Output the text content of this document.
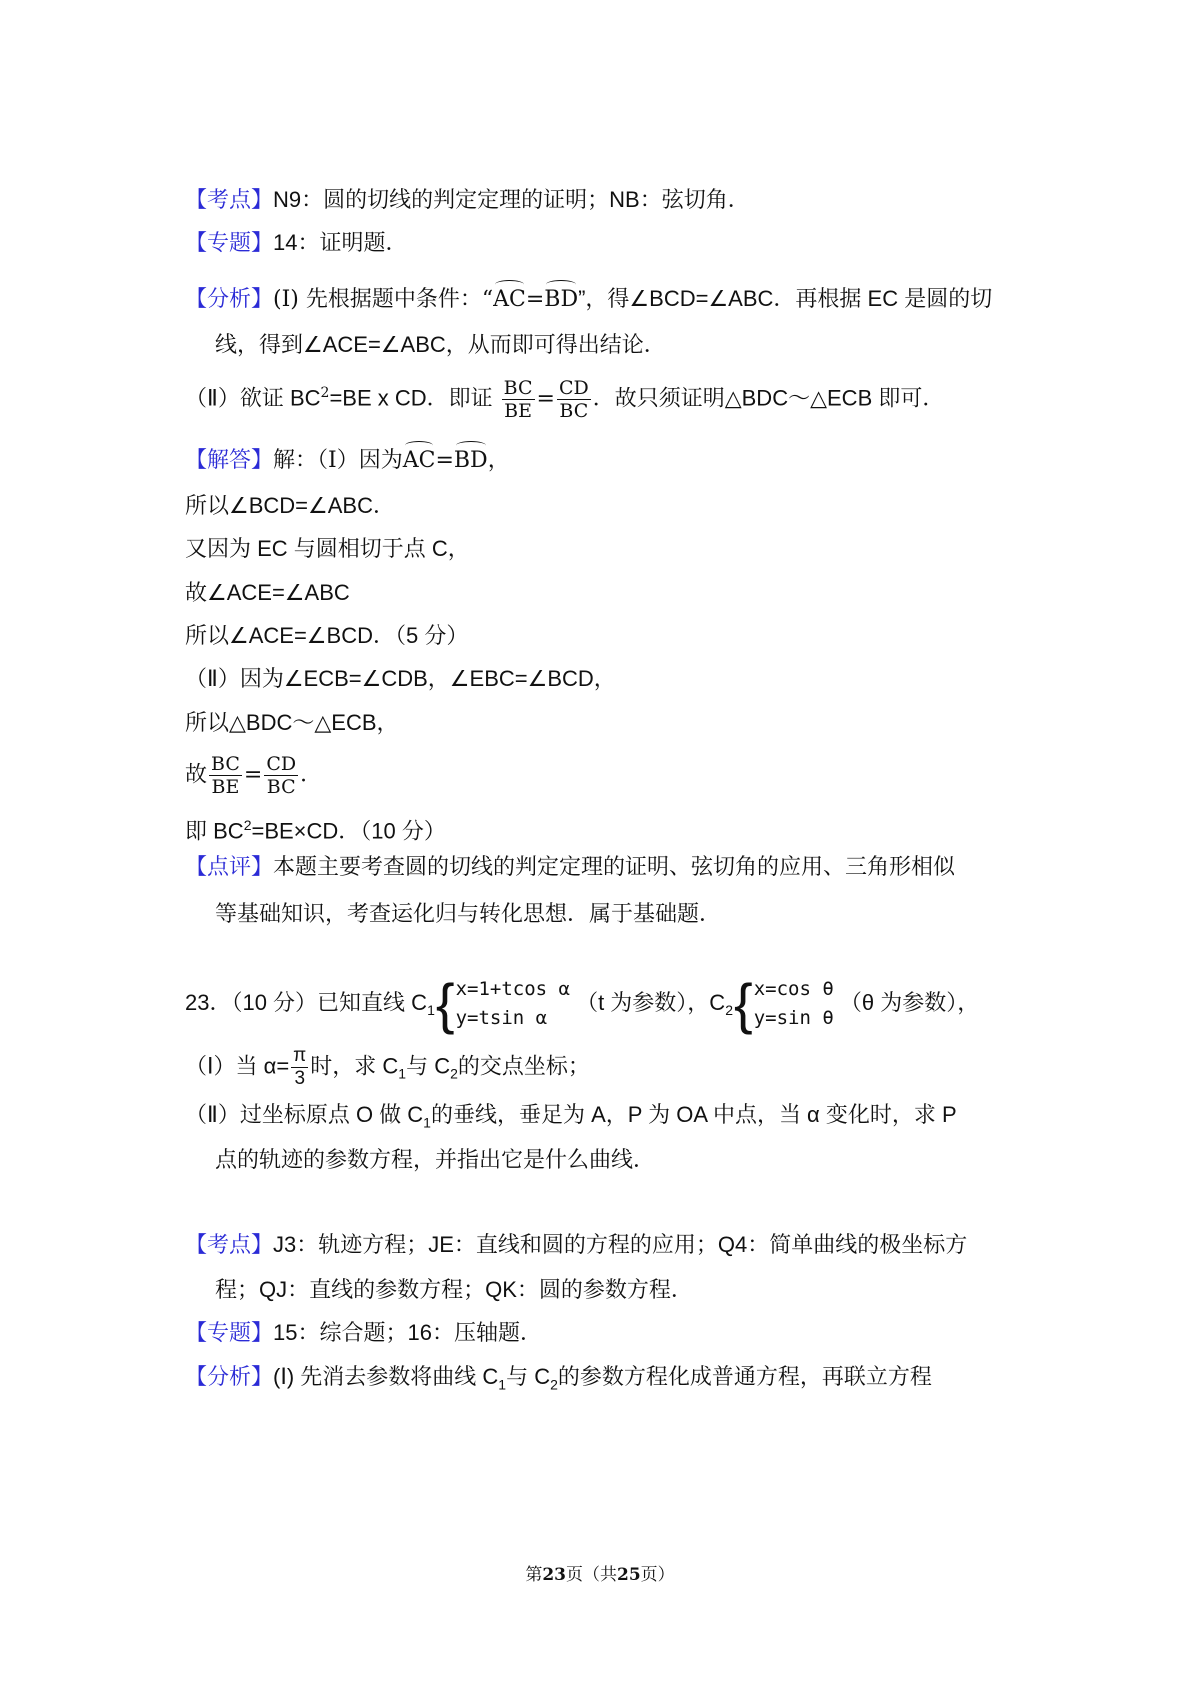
【考点】N9：圆的切线的判定定理的证明；NB：弦切角．
【专题】14：证明题．
【分析】(Ⅰ) 先根据题中条件：“AC=BD”，得∠BCD=∠ABC．再根据 EC 是圆的切
线，得到∠ACE=∠ABC，从而即可得出结论．
（Ⅱ）欲证 $BC^2=BE$ x CD．即证 $\frac{BC}{BE} = \frac{CD}{BC}$ ．故只须证明△BDC～△ECB 即可．
【解答】解：（Ⅰ）因为AC=BD，
所以∠BCD=∠ABC．
又因为 EC 与圆相切于点 C，
故∠ACE=∠ABC
所以∠ACE=∠BCD．（5 分）
（Ⅱ）因为∠ECB=∠CDB，∠EBC=∠BCD，
所以△BDC～△ECB，
故 $\frac{BC}{BE} = \frac{CD}{BC}$ ．
即 $BC^2=BE\times CD$．（10 分）
【点评】本题主要考查圆的切线的判定定理的证明、弦切角的应用、三角形相似
等基础知识，考查运化归与转化思想．属于基础题．
23．（10 分）已知直线 $C_1${ x=1+tcos α
y=tsin α
（t 为参数），$C_2${ x=cos θ
y=sin θ
（θ 为参数），
（Ⅰ）当 $\alpha= \frac{\pi}{3}$ 时，求 $C_1$与 $C_2$的交点坐标；
（Ⅱ）过坐标原点 O 做 $C_1$的垂线，垂足为 A，P 为 OA 中点，当 α 变化时，求 P
点的轨迹的参数方程，并指出它是什么曲线．
【考点】J3：轨迹方程；JE：直线和圆的方程的应用；Q4：简单曲线的极坐标方
程；QJ：直线的参数方程；QK：圆的参数方程．
【专题】15：综合题；16：压轴题．
【分析】(Ⅰ) 先消去参数将曲线 $C_1$与 $C_2$的参数方程化成普通方程，再联立方程
第23页（共25页）
